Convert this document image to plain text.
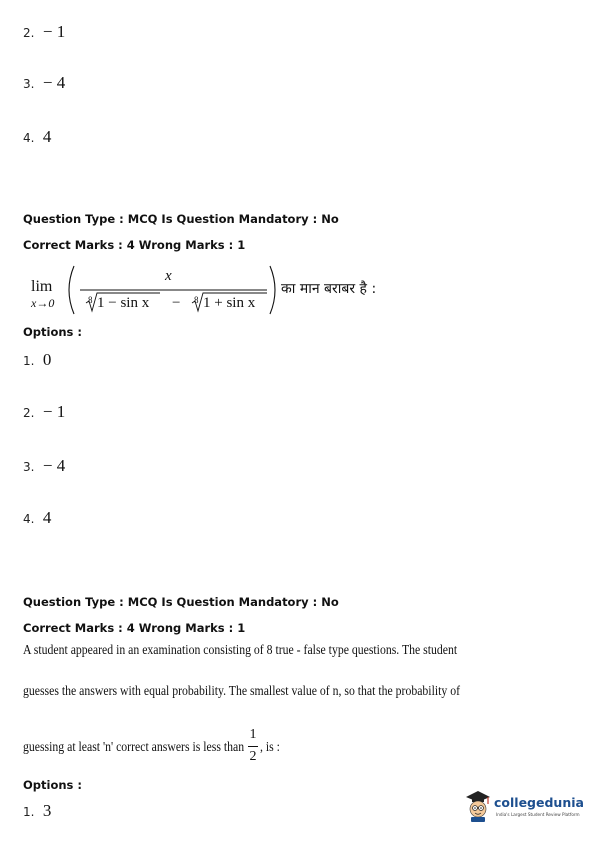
2. − 1
3. − 4
4. 4
Question Type : MCQ Is Question Mandatory : No
Correct Marks : 4 Wrong Marks : 1
lim
x→0
x
8 1 − sin x − 8 1 + sin x
का मान बराबर है :
Options :
1. 0
2. − 1
3. − 4
4. 4
Question Type : MCQ Is Question Mandatory : No
Correct Marks : 4 Wrong Marks : 1
A student appeared in an examination consisting of 8 true - false type questions. The student
guesses the answers with equal probability. The smallest value of n, so that the probability of
guessing at least 'n' correct answers is less than
1
2
, is :
Options :
1. 3	collegedunia
India's Largest Student Review Platform
